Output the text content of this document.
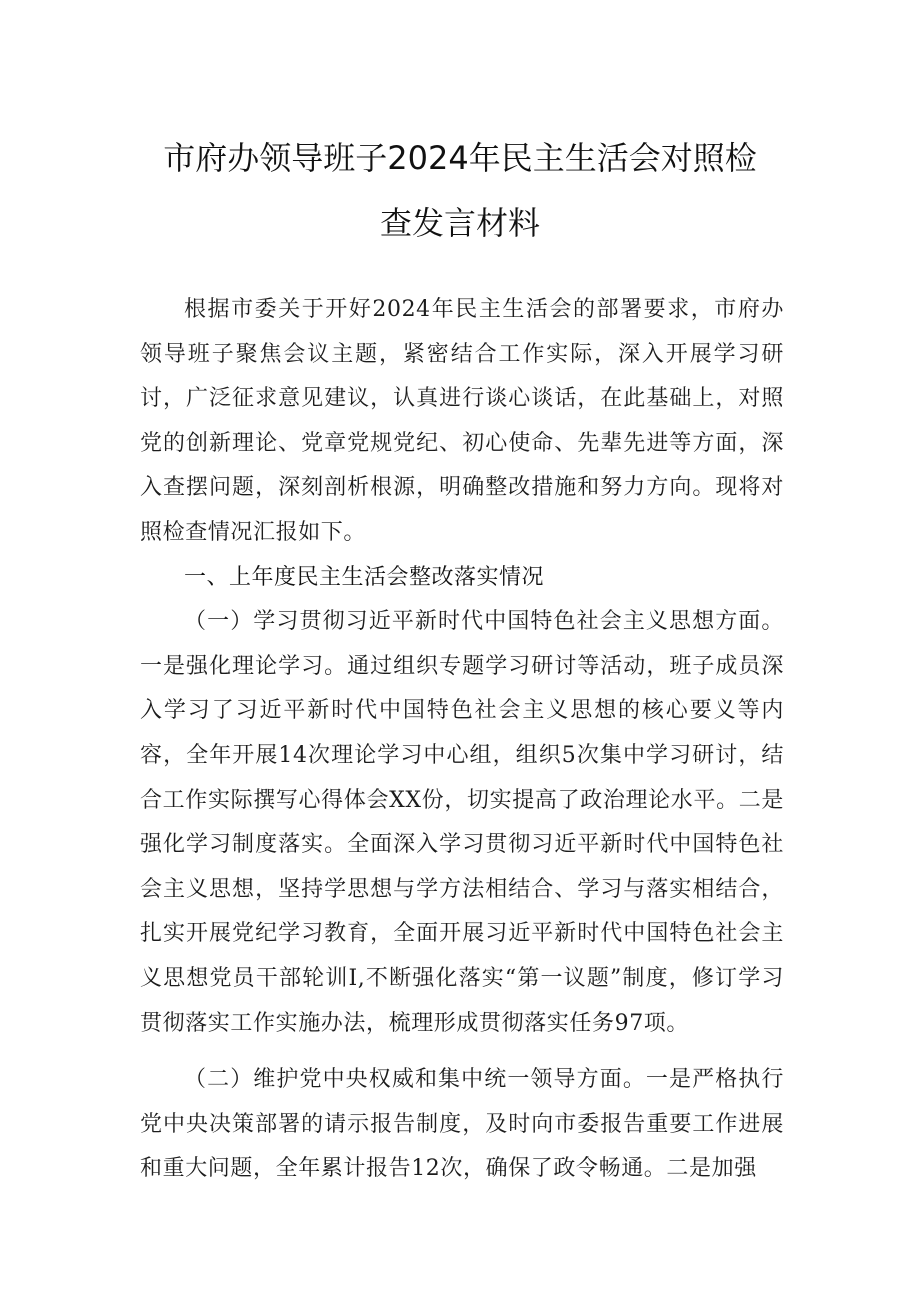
市府办领导班子2024年民主生活会对照检
查发言材料

根据市委关于开好2024年民主生活会的部署要求，市府办领导班子聚焦会议主题，紧密结合工作实际，深入开展学习研讨，广泛征求意见建议，认真进行谈心谈话，在此基础上，对照党的创新理论、党章党规党纪、初心使命、先辈先进等方面，深入查摆问题，深刻剖析根源，明确整改措施和努力方向。现将对照检查情况汇报如下。

一、上年度民主生活会整改落实情况

（一）学习贯彻习近平新时代中国特色社会主义思想方面。一是强化理论学习。通过组织专题学习研讨等活动，班子成员深入学习了习近平新时代中国特色社会主义思想的核心要义等内容，全年开展14次理论学习中心组，组织5次集中学习研讨，结合工作实际撰写心得体会XX份，切实提高了政治理论水平。二是强化学习制度落实。全面深入学习贯彻习近平新时代中国特色社会主义思想，坚持学思想与学方法相结合、学习与落实相结合，扎实开展党纪学习教育，全面开展习近平新时代中国特色社会主义思想党员干部轮训I,不断强化落实“第一议题”制度，修订学习贯彻落实工作实施办法，梳理形成贯彻落实任务97项。

（二）维护党中央权威和集中统一领导方面。一是严格执行党中央决策部署的请示报告制度，及时向市委报告重要工作进展和重大问题，全年累计报告12次，确保了政令畅通。二是加强
